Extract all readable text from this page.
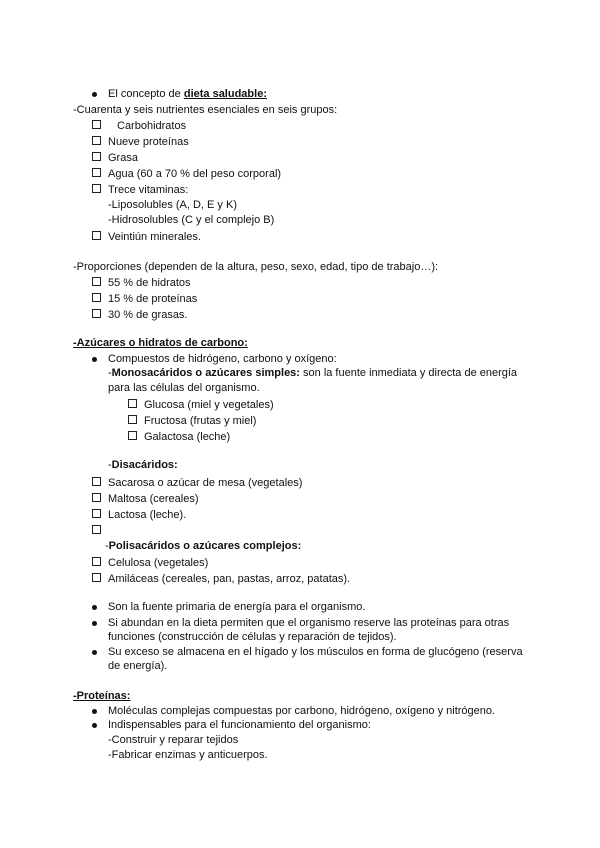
El concepto de dieta saludable:
-Cuarenta y seis nutrientes esenciales en seis grupos:
Carbohidratos
Nueve proteínas
Grasa
Agua (60 a 70 % del peso corporal)
Trece vitaminas:
-Liposolubles (A, D, E y K)
-Hidrosolubles (C y el complejo B)
Veintiún minerales.
-Proporciones (dependen de la altura, peso, sexo, edad, tipo de trabajo…):
55 % de hidratos
15 % de proteínas
30 % de grasas.
-Azúcares o hidratos de carbono:
Compuestos de hidrógeno, carbono y oxígeno:
-Monosacáridos o azúcares simples: son la fuente inmediata y directa de energía
para las células del organismo.
Glucosa (miel y vegetales)
Fructosa (frutas y miel)
Galactosa (leche)
-Disacáridos:
Sacarosa o azúcar de mesa (vegetales)
Maltosa (cereales)
Lactosa (leche).
-Polisacáridos o azúcares complejos:
Celulosa (vegetales)
Amiláceas (cereales, pan, pastas, arroz, patatas).
Son la fuente primaria de energía para el organismo.
Si abundan en la dieta permiten que el organismo reserve las proteínas para otras
funciones (construcción de células y reparación de tejidos).
Su exceso se almacena en el hígado y los músculos en forma de glucógeno (reserva
de energía).
-Proteínas:
Moléculas complejas compuestas por carbono, hidrógeno, oxígeno y nitrógeno.
Indispensables para el funcionamiento del organismo:
-Construir y reparar tejidos
-Fabricar enzimas y anticuerpos.
